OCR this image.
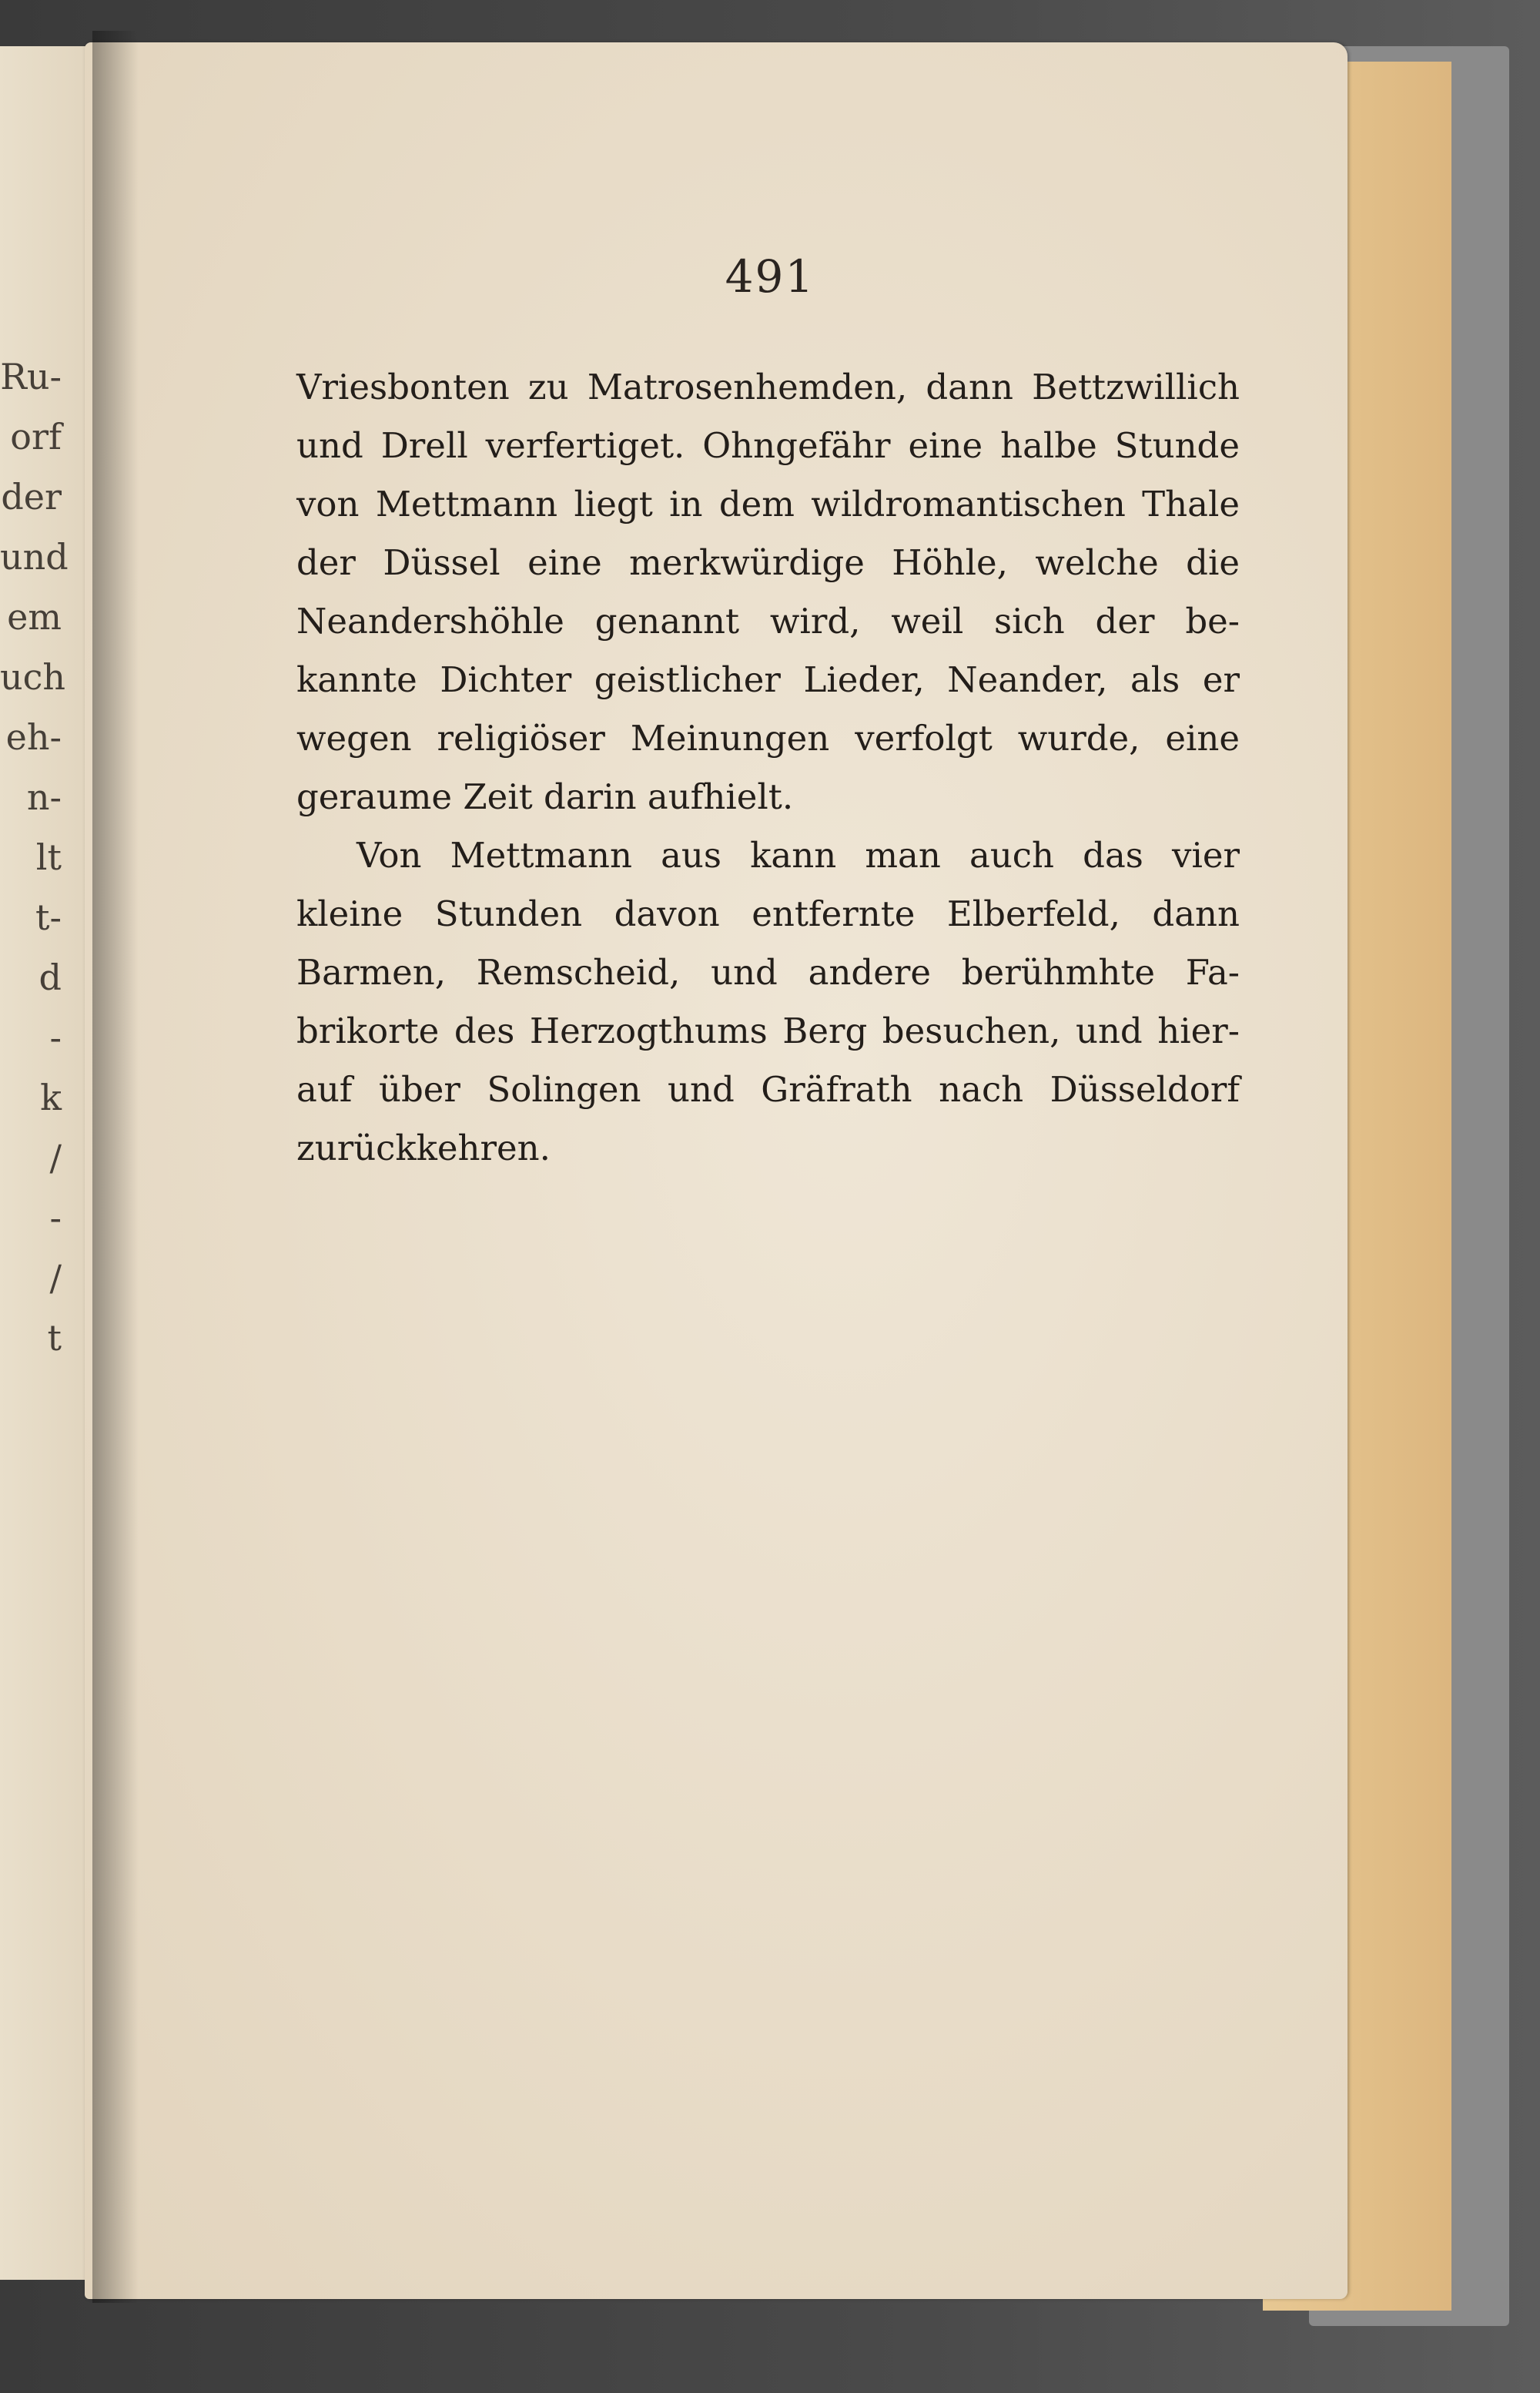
Ru-
orf
der
und
em
uch
eh-
n-
lt
t-
d
-
k
/
-
/
t
491
Vriesbonten zu Matrosenhemden, dann Bettzwillich
und Drell verfertiget. Ohngefähr eine halbe Stunde
von Mettmann liegt in dem wildromantischen Thale
der Düssel eine merkwürdige Höhle, welche die
Neandershöhle genannt wird, weil sich der be-
kannte Dichter geistlicher Lieder, Neander, als er
wegen religiöser Meinungen verfolgt wurde, eine
geraume Zeit darin aufhielt.
Von Mettmann aus kann man auch das vier
kleine Stunden davon entfernte Elberfeld, dann
Barmen, Remscheid, und andere berühmhte Fa-
brikorte des Herzogthums Berg besuchen, und hier-
auf über Solingen und Gräfrath nach Düsseldorf
zurückkehren.
